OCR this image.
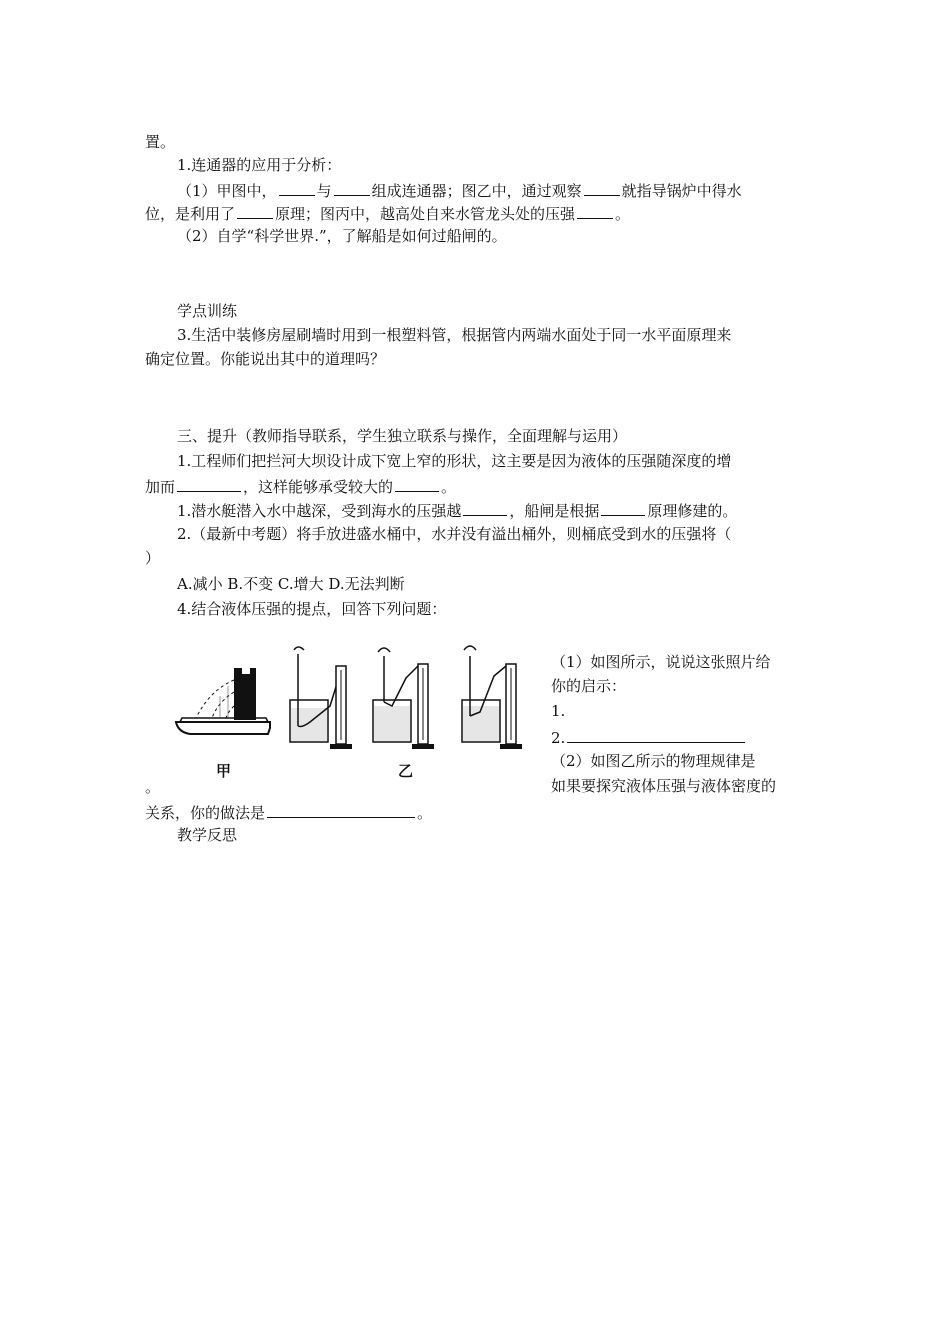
置。
1.连通器的应用于分析：
（1）甲图中，	与	组成连通器；图乙中，通过观察	就指导锅炉中得水
位，是利用了	原理；图丙中，越高处自来水管龙头处的压强	。
（2）自学“科学世界.”，了解船是如何过船闸的。
学点训练
3.生活中装修房屋刷墙时用到一根塑料管，根据管内两端水面处于同一水平面原理来
确定位置。你能说出其中的道理吗？
三、提升（教师指导联系，学生独立联系与操作，全面理解与运用）
1.工程师们把拦河大坝设计成下宽上窄的形状，这主要是因为液体的压强随深度的增
加而	，这样能够承受较大的	。
1.潜水艇潜入水中越深，受到海水的压强越	，船闸是根据	原理修建的。
2.（最新中考题）将手放进盛水桶中，水并没有溢出桶外，则桶底受到水的压强将（
）
A.减小 B.不变 C.增大 D.无法判断
4.结合液体压强的提点，回答下列问题：
甲	乙
（1）如图所示，说说这张照片给
你的启示：
1.
2.
（2）如图乙所示的物理规律是
如果要探究液体压强与液体密度的
。
关系，你的做法是	。
教学反思
